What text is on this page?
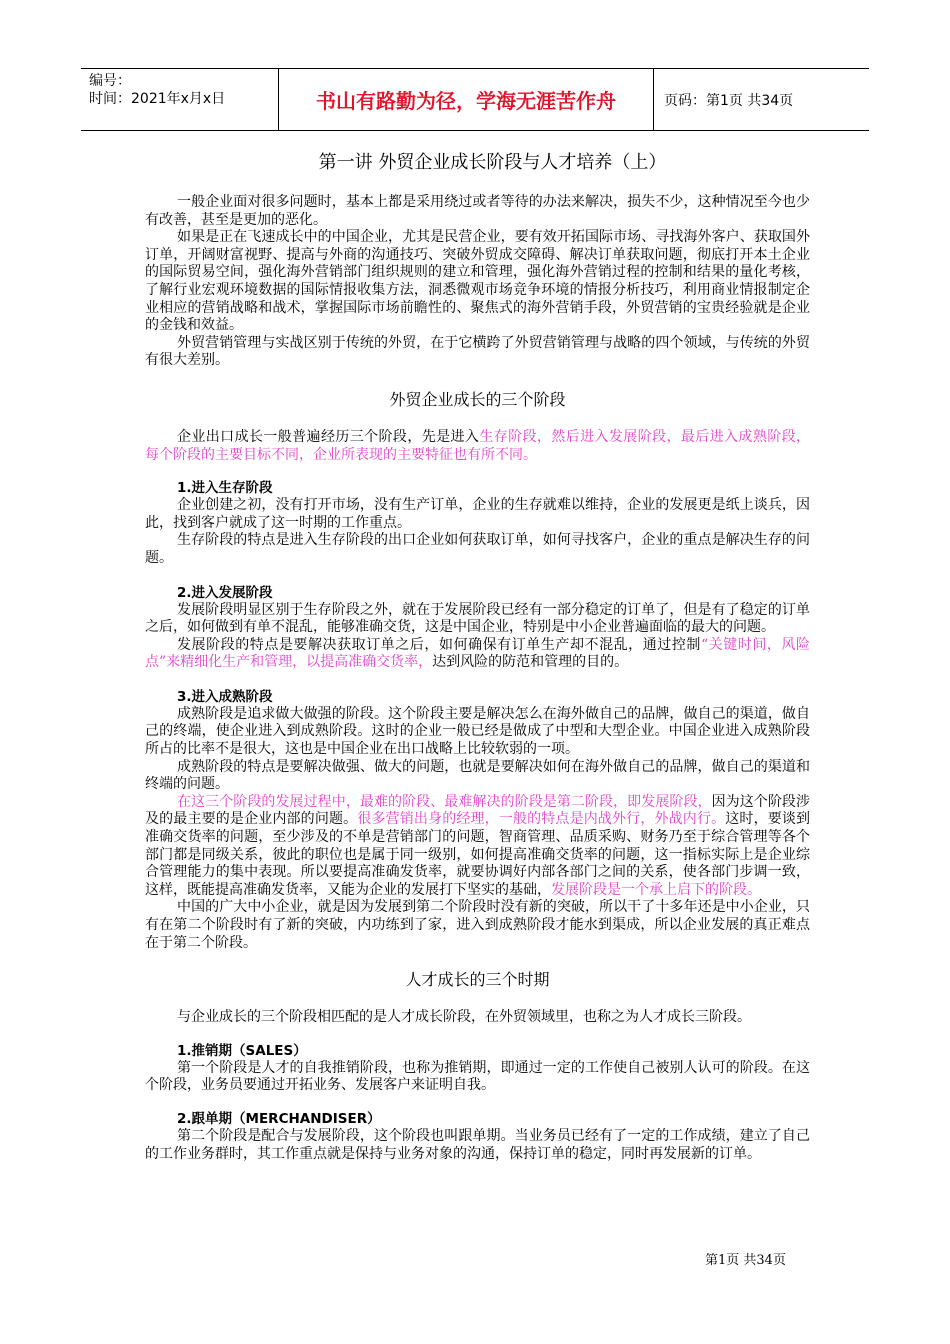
编号：
时间：2021年x月x日	书山有路勤为径，学海无涯苦作舟	页码：第1页 共34页
第一讲 外贸企业成长阶段与人才培养（上）

一般企业面对很多问题时，基本上都是采用绕过或者等待的办法来解决，损失不少，这种情况至今也少有改善，甚至是更加的恶化。

如果是正在飞速成长中的中国企业，尤其是民营企业，要有效开拓国际市场、寻找海外客户、获取国外订单，开阔财富视野、提高与外商的沟通技巧、突破外贸成交障碍、解决订单获取问题，彻底打开本土企业的国际贸易空间，强化海外营销部门组织规则的建立和管理，强化海外营销过程的控制和结果的量化考核，了解行业宏观环境数据的国际情报收集方法，洞悉微观市场竞争环境的情报分析技巧，利用商业情报制定企业相应的营销战略和战术，掌握国际市场前瞻性的、聚焦式的海外营销手段，外贸营销的宝贵经验就是企业的金钱和效益。

外贸营销管理与实战区别于传统的外贸，在于它横跨了外贸营销管理与战略的四个领域，与传统的外贸有很大差别。

外贸企业成长的三个阶段

企业出口成长一般普遍经历三个阶段，先是进入生存阶段，然后进入发展阶段，最后进入成熟阶段， 每个阶段的主要目标不同，企业所表现的主要特征也有所不同。

1.进入生存阶段

企业创建之初，没有打开市场，没有生产订单，企业的生存就难以维持，企业的发展更是纸上谈兵，因此，找到客户就成了这一时期的工作重点。

生存阶段的特点是进入生存阶段的出口企业如何获取订单，如何寻找客户，企业的重点是解决生存的问题。

2.进入发展阶段

发展阶段明显区别于生存阶段之外，就在于发展阶段已经有一部分稳定的订单了，但是有了稳定的订单之后，如何做到有单不混乱，能够准确交货，这是中国企业，特别是中小企业普遍面临的最大的问题。

发展阶段的特点是要解决获取订单之后，如何确保有订单生产却不混乱，通过控制“关键时间，风险点”来精细化生产和管理，以提高准确交货率，达到风险的防范和管理的目的。

3.进入成熟阶段

成熟阶段是追求做大做强的阶段。这个阶段主要是解决怎么在海外做自己的品牌，做自己的渠道，做自己的终端，使企业进入到成熟阶段。这时的企业一般已经是做成了中型和大型企业。中国企业进入成熟阶段所占的比率不是很大，这也是中国企业在出口战略上比较软弱的一项。

成熟阶段的特点是要解决做强、做大的问题，也就是要解决如何在海外做自己的品牌，做自己的渠道和终端的问题。

在这三个阶段的发展过程中，最难的阶段、最难解决的阶段是第二阶段，即发展阶段，因为这个阶段涉及的最主要的是企业内部的问题。很多营销出身的经理，一般的特点是内战外行，外战内行。这时，要谈到准确交货率的问题，至少涉及的不单是营销部门的问题，智商管理、品质采购、财务乃至于综合管理等各个部门都是同级关系，彼此的职位也是属于同一级别，如何提高准确交货率的问题，这一指标实际上是企业综合管理能力的集中表现。所以要提高准确发货率，就要协调好内部各部门之间的关系，使各部门步调一致，这样，既能提高准确发货率，又能为企业的发展打下坚实的基础，发展阶段是一个承上启下的阶段。

中国的广大中小企业，就是因为发展到第二个阶段时没有新的突破，所以干了十多年还是中小企业，只有在第二个阶段时有了新的突破，内功练到了家，进入到成熟阶段才能水到渠成，所以企业发展的真正难点在于第二个阶段。

人才成长的三个时期

与企业成长的三个阶段相匹配的是人才成长阶段，在外贸领域里，也称之为人才成长三阶段。

1.推销期（SALES）

第一个阶段是人才的自我推销阶段，也称为推销期，即通过一定的工作使自己被别人认可的阶段。在这个阶段，业务员要通过开拓业务、发展客户来证明自我。

2.跟单期（MERCHANDISER）

第二个阶段是配合与发展阶段，这个阶段也叫跟单期。当业务员已经有了一定的工作成绩，建立了自己的工作业务群时，其工作重点就是保持与业务对象的沟通，保持订单的稳定，同时再发展新的订单。

第1页 共34页
